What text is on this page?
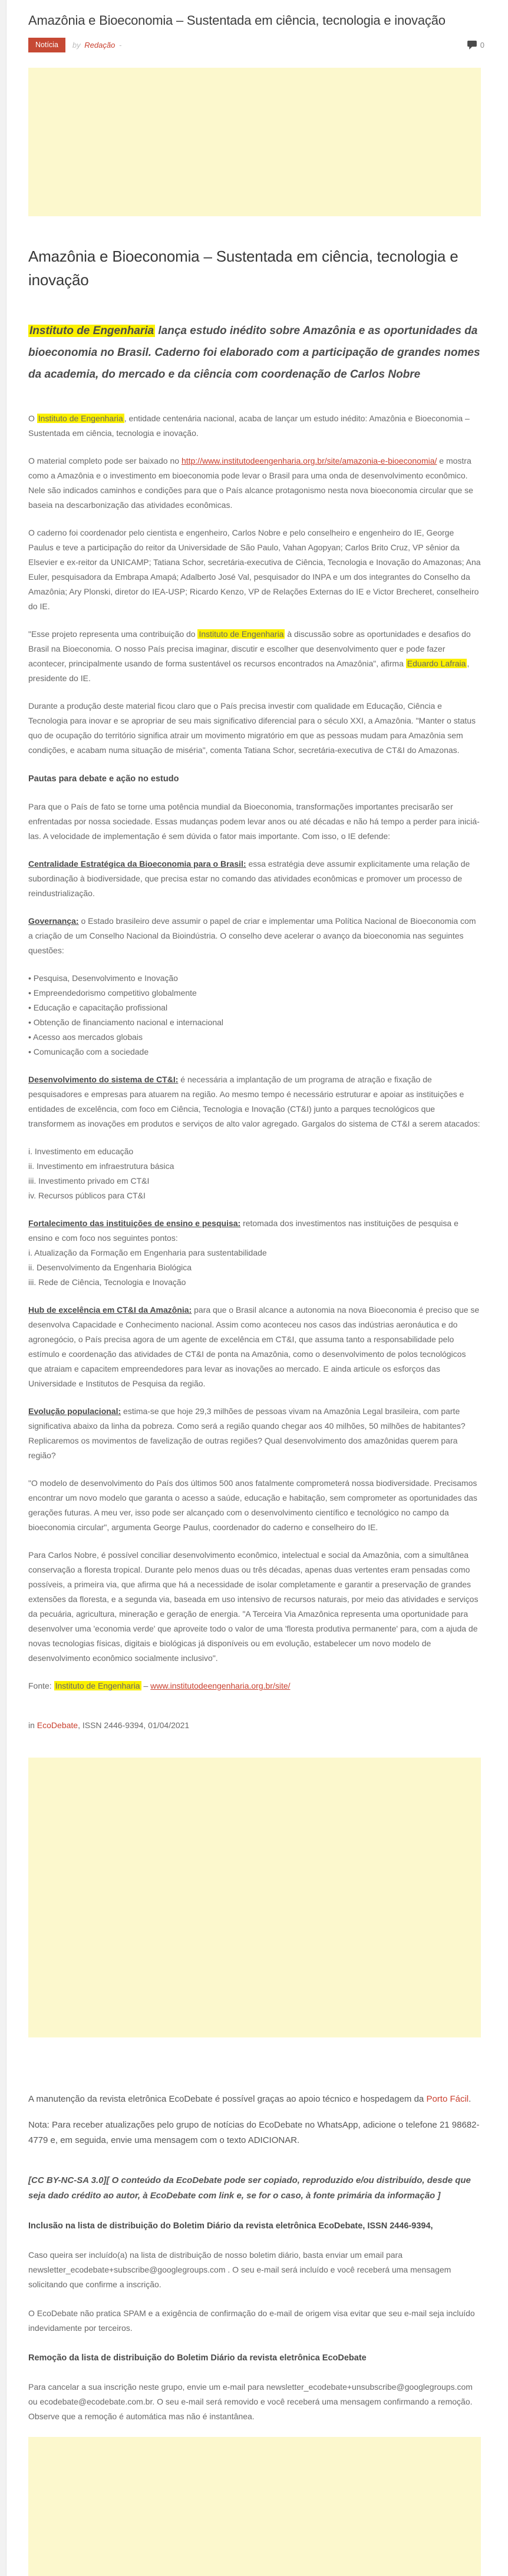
Amazônia e Bioeconomia – Sustentada em ciência, tecnologia e inovação
Notícia	by Redação -	0
Amazônia e Bioeconomia – Sustentada em ciência, tecnologia e inovação
Instituto de Engenharia lança estudo inédito sobre Amazônia e as oportunidades da bioeconomia no Brasil. Caderno foi elaborado com a participação de grandes nomes da academia, do mercado e da ciência com coordenação de Carlos Nobre

O Instituto de Engenharia , entidade centenária nacional, acaba de lançar um estudo inédito: Amazônia e Bioeconomia – Sustentada em ciência, tecnologia e inovação.

O material completo pode ser baixado no http://www.institutodeengenharia.org.br/site/amazonia-e-bioeconomia/ e mostra como a Amazônia e o investimento em bioeconomia pode levar o Brasil para uma onda de desenvolvimento econômico. Nele são indicados caminhos e condições para que o País alcance protagonismo nesta nova bioeconomia circular que se baseia na descarbonização das atividades econômicas.

O caderno foi coordenador pelo cientista e engenheiro, Carlos Nobre e pelo conselheiro e engenheiro do IE, George Paulus e teve a participação do reitor da Universidade de São Paulo, Vahan Agopyan; Carlos Brito Cruz, VP sênior da Elsevier e ex-reitor da UNICAMP; Tatiana Schor, secretária-executiva de Ciência, Tecnologia e Inovação do Amazonas; Ana Euler, pesquisadora da Embrapa Amapá; Adalberto José Val, pesquisador do INPA e um dos integrantes do Conselho da Amazônia; Ary Plonski, diretor do IEA-USP; Ricardo Kenzo, VP de Relações Externas do IE e Victor Brecheret, conselheiro do IE.

"Esse projeto representa uma contribuição do Instituto de Engenharia à discussão sobre as oportunidades e desafios do Brasil na Bioeconomia. O nosso País precisa imaginar, discutir e escolher que desenvolvimento quer e pode fazer acontecer, principalmente usando de forma sustentável os recursos encontrados na Amazônia", afirma Eduardo Lafraia , presidente do IE.

Durante a produção deste material ficou claro que o País precisa investir com qualidade em Educação, Ciência e Tecnologia para inovar e se apropriar de seu mais significativo diferencial para o século XXI, a Amazônia. "Manter o status quo de ocupação do território significa atrair um movimento migratório em que as pessoas mudam para Amazônia sem condições, e acabam numa situação de miséria", comenta Tatiana Schor, secretária-executiva de CT&I do Amazonas.

Pautas para debate e ação no estudo

Para que o País de fato se torne uma potência mundial da Bioeconomia, transformações importantes precisarão ser enfrentadas por nossa sociedade. Essas mudanças podem levar anos ou até décadas e não há tempo a perder para iniciá-las. A velocidade de implementação é sem dúvida o fator mais importante. Com isso, o IE defende:

Centralidade Estratégica da Bioeconomia para o Brasil: essa estratégia deve assumir explicitamente uma relação de subordinação à biodiversidade, que precisa estar no comando das atividades econômicas e promover um processo de reindustrialização.

Governança: o Estado brasileiro deve assumir o papel de criar e implementar uma Política Nacional de Bioeconomia com a criação de um Conselho Nacional da Bioindústria. O conselho deve acelerar o avanço da bioeconomia nas seguintes questões:

• Pesquisa, Desenvolvimento e Inovação
• Empreendedorismo competitivo globalmente
• Educação e capacitação profissional
• Obtenção de financiamento nacional e internacional
• Acesso aos mercados globais
• Comunicação com a sociedade

Desenvolvimento do sistema de CT&I: é necessária a implantação de um programa de atração e fixação de pesquisadores e empresas para atuarem na região. Ao mesmo tempo é necessário estruturar e apoiar as instituições e entidades de excelência, com foco em Ciência, Tecnologia e Inovação (CT&I) junto a parques tecnológicos que transformem as inovações em produtos e serviços de alto valor agregado. Gargalos do sistema de CT&I a serem atacados:

i. Investimento em educação
ii. Investimento em infraestrutura básica
iii. Investimento privado em CT&I
iv. Recursos públicos para CT&I

Fortalecimento das instituições de ensino e pesquisa: retomada dos investimentos nas instituições de pesquisa e ensino e com foco nos seguintes pontos:

i. Atualização da Formação em Engenharia para sustentabilidade
ii. Desenvolvimento da Engenharia Biológica
iii. Rede de Ciência, Tecnologia e Inovação

Hub de excelência em CT&I da Amazônia: para que o Brasil alcance a autonomia na nova Bioeconomia é preciso que se desenvolva Capacidade e Conhecimento nacional. Assim como aconteceu nos casos das indústrias aeronáutica e do agronegócio, o País precisa agora de um agente de excelência em CT&I, que assuma tanto a responsabilidade pelo estímulo e coordenação das atividades de CT&I de ponta na Amazônia, como o desenvolvimento de polos tecnológicos que atraiam e capacitem empreendedores para levar as inovações ao mercado. E ainda articule os esforços das Universidade e Institutos de Pesquisa da região.

Evolução populacional: estima-se que hoje 29,3 milhões de pessoas vivam na Amazônia Legal brasileira, com parte significativa abaixo da linha da pobreza. Como será a região quando chegar aos 40 milhões, 50 milhões de habitantes? Replicaremos os movimentos de favelização de outras regiões? Qual desenvolvimento dos amazônidas querem para região?

"O modelo de desenvolvimento do País dos últimos 500 anos fatalmente comprometerá nossa biodiversidade. Precisamos encontrar um novo modelo que garanta o acesso a saúde, educação e habitação, sem comprometer as oportunidades das gerações futuras. A meu ver, isso pode ser alcançado com o desenvolvimento científico e tecnológico no campo da bioeconomia circular", argumenta George Paulus, coordenador do caderno e conselheiro do IE.

Para Carlos Nobre, é possível conciliar desenvolvimento econômico, intelectual e social da Amazônia, com a simultânea conservação a floresta tropical. Durante pelo menos duas ou três décadas, apenas duas vertentes eram pensadas como possíveis, a primeira via, que afirma que há a necessidade de isolar completamente e garantir a preservação de grandes extensões da floresta, e a segunda via, baseada em uso intensivo de recursos naturais, por meio das atividades e serviços da pecuária, agricultura, mineração e geração de energia. "A Terceira Via Amazônica representa uma oportunidade para desenvolver uma 'economia verde' que aproveite todo o valor de uma 'floresta produtiva permanente' para, com a ajuda de novas tecnologias físicas, digitais e biológicas já disponíveis ou em evolução, estabelecer um novo modelo de desenvolvimento econômico socialmente inclusivo".

Fonte: Instituto de Engenharia – www.institutodeengenharia.org.br/site/

in EcoDebate, ISSN 2446-9394, 01/04/2021

A manutenção da revista eletrônica EcoDebate é possível graças ao apoio técnico e hospedagem da Porto Fácil.

Nota: Para receber atualizações pelo grupo de notícias do EcoDebate no WhatsApp, adicione o telefone 21 98682-4779 e, em seguida, envie uma mensagem com o texto ADICIONAR.

[CC BY-NC-SA 3.0][ O conteúdo da EcoDebate pode ser copiado, reproduzido e/ou distribuído, desde que seja dado crédito ao autor, à EcoDebate com link e, se for o caso, à fonte primária da informação ]

Inclusão na lista de distribuição do Boletim Diário da revista eletrônica EcoDebate, ISSN 2446-9394,

Caso queira ser incluído(a) na lista de distribuição de nosso boletim diário, basta enviar um email para newsletter_ecodebate+subscribe@googlegroups.com . O seu e-mail será incluído e você receberá uma mensagem solicitando que confirme a inscrição.

O EcoDebate não pratica SPAM e a exigência de confirmação do e-mail de origem visa evitar que seu e-mail seja incluído indevidamente por terceiros.

Remoção da lista de distribuição do Boletim Diário da revista eletrônica EcoDebate

Para cancelar a sua inscrição neste grupo, envie um e-mail para newsletter_ecodebate+unsubscribe@googlegroups.com ou ecodebate@ecodebate.com.br. O seu e-mail será removido e você receberá uma mensagem confirmando a remoção. Observe que a remoção é automática mas não é instantânea.
